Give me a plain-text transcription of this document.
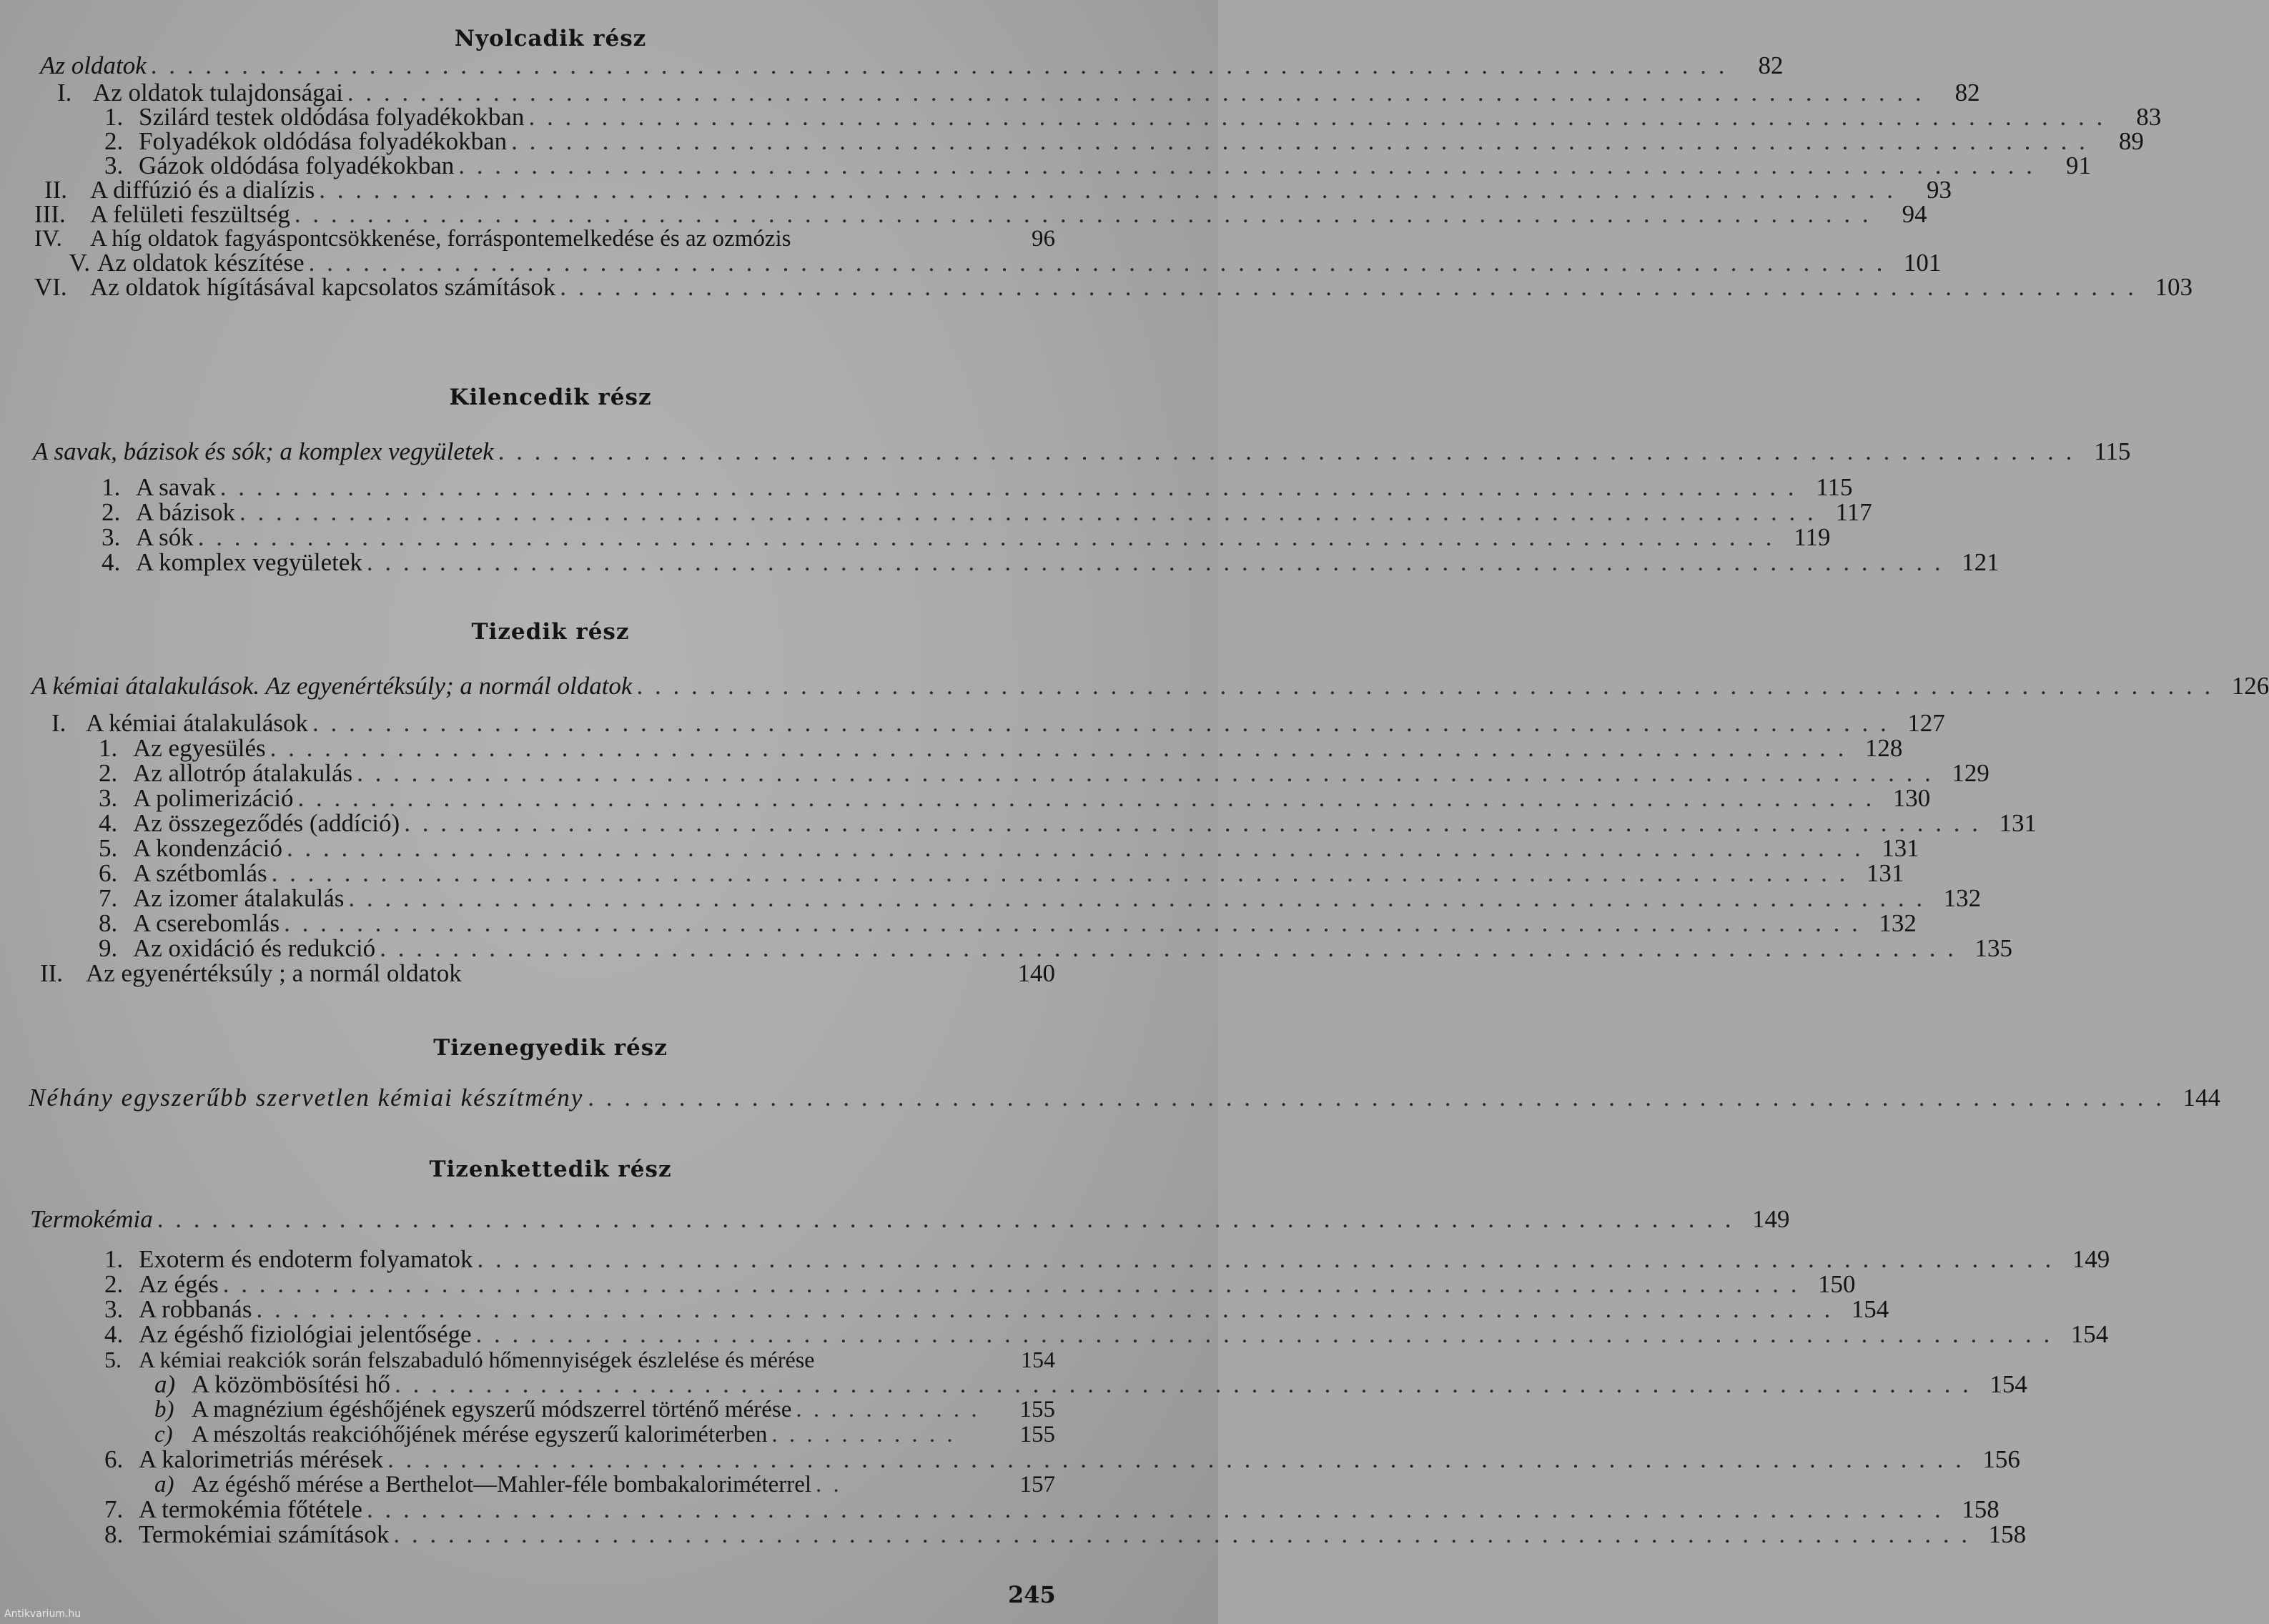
Nyolcadik rész
Az oldatok . . . . . . . . . . . . . . . . . . . . . . . . . . . . . . . . . . . . . . . . . . . . . . . . . . . . . . . . . . . . . . . . . . . . . . . . . . . . . . . . . . . . . . .	82
I. Az oldatok tulajdonságai . . . . . . . . . . . . . . . . . . . . . . . . . . . . . . . . . . . . . . . . . . . . . . . . . . . . . . . . . . . . . . . . . . . . . . . . . . . . . . . . . . . . . . .	82
1. Szilárd testek oldódása folyadékokban . . . . . . . . . . . . . . . . . . . . . . . . . . . . . . . . . . . . . . . . . . . . . . . . . . . . . . . . . . . . . . . . . . . . . . . . . . . . . . . . . . . . . . .	83
2. Folyadékok oldódása folyadékokban . . . . . . . . . . . . . . . . . . . . . . . . . . . . . . . . . . . . . . . . . . . . . . . . . . . . . . . . . . . . . . . . . . . . . . . . . . . . . . . . . . . . . . .	89
3. Gázok oldódása folyadékokban . . . . . . . . . . . . . . . . . . . . . . . . . . . . . . . . . . . . . . . . . . . . . . . . . . . . . . . . . . . . . . . . . . . . . . . . . . . . . . . . . . . . . . .	91
II. A diffúzió és a dialízis . . . . . . . . . . . . . . . . . . . . . . . . . . . . . . . . . . . . . . . . . . . . . . . . . . . . . . . . . . . . . . . . . . . . . . . . . . . . . . . . . . . . . . .	93
III. A felületi feszültség . . . . . . . . . . . . . . . . . . . . . . . . . . . . . . . . . . . . . . . . . . . . . . . . . . . . . . . . . . . . . . . . . . . . . . . . . . . . . . . . . . . . . . .	94
IV.	A híg oldatok fagyáspontcsökkenése, forráspontemelkedése és az ozmózis	96
V. Az oldatok készítése . . . . . . . . . . . . . . . . . . . . . . . . . . . . . . . . . . . . . . . . . . . . . . . . . . . . . . . . . . . . . . . . . . . . . . . . . . . . . . . . . . . . . . . 101
VI. Az oldatok hígításával kapcsolatos számítások . . . . . . . . . . . . . . . . . . . . . . . . . . . . . . . . . . . . . . . . . . . . . . . . . . . . . . . . . . . . . . . . . . . . . . . . . . . . . . . . . . . . . . . 103
Kilencedik rész
A savak, bázisok és sók; a komplex vegyületek . . . . . . . . . . . . . . . . . . . . . . . . . . . . . . . . . . . . . . . . . . . . . . . . . . . . . . . . . . . . . . . . . . . . . . . . . . . . . . . . . . . . . . . 115
1. A savak . . . . . . . . . . . . . . . . . . . . . . . . . . . . . . . . . . . . . . . . . . . . . . . . . . . . . . . . . . . . . . . . . . . . . . . . . . . . . . . . . . . . . . . 115
2. A bázisok . . . . . . . . . . . . . . . . . . . . . . . . . . . . . . . . . . . . . . . . . . . . . . . . . . . . . . . . . . . . . . . . . . . . . . . . . . . . . . . . . . . . . . . 117
3. A sók . . . . . . . . . . . . . . . . . . . . . . . . . . . . . . . . . . . . . . . . . . . . . . . . . . . . . . . . . . . . . . . . . . . . . . . . . . . . . . . . . . . . . . . 119
4. A komplex vegyületek . . . . . . . . . . . . . . . . . . . . . . . . . . . . . . . . . . . . . . . . . . . . . . . . . . . . . . . . . . . . . . . . . . . . . . . . . . . . . . . . . . . . . . . 121
Tizedik rész
A kémiai átalakulások. Az egyenértéksúly; a normál oldatok . . . . . . . . . . . . . . . . . . . . . . . . . . . . . . . . . . . . . . . . . . . . . . . . . . . . . . . . . . . . . . . . . . . . . . . . . . . . . . . . . . . . . . . 126
I. A kémiai átalakulások . . . . . . . . . . . . . . . . . . . . . . . . . . . . . . . . . . . . . . . . . . . . . . . . . . . . . . . . . . . . . . . . . . . . . . . . . . . . . . . . . . . . . . . 127
1. Az egyesülés . . . . . . . . . . . . . . . . . . . . . . . . . . . . . . . . . . . . . . . . . . . . . . . . . . . . . . . . . . . . . . . . . . . . . . . . . . . . . . . . . . . . . . . 128
2. Az allotróp átalakulás . . . . . . . . . . . . . . . . . . . . . . . . . . . . . . . . . . . . . . . . . . . . . . . . . . . . . . . . . . . . . . . . . . . . . . . . . . . . . . . . . . . . . . . 129
3. A polimerizáció . . . . . . . . . . . . . . . . . . . . . . . . . . . . . . . . . . . . . . . . . . . . . . . . . . . . . . . . . . . . . . . . . . . . . . . . . . . . . . . . . . . . . . . 130
4. Az összegeződés (addíció) . . . . . . . . . . . . . . . . . . . . . . . . . . . . . . . . . . . . . . . . . . . . . . . . . . . . . . . . . . . . . . . . . . . . . . . . . . . . . . . . . . . . . . . 131
5. A kondenzáció . . . . . . . . . . . . . . . . . . . . . . . . . . . . . . . . . . . . . . . . . . . . . . . . . . . . . . . . . . . . . . . . . . . . . . . . . . . . . . . . . . . . . . . 131
6. A szétbomlás . . . . . . . . . . . . . . . . . . . . . . . . . . . . . . . . . . . . . . . . . . . . . . . . . . . . . . . . . . . . . . . . . . . . . . . . . . . . . . . . . . . . . . . 131
7. Az izomer átalakulás . . . . . . . . . . . . . . . . . . . . . . . . . . . . . . . . . . . . . . . . . . . . . . . . . . . . . . . . . . . . . . . . . . . . . . . . . . . . . . . . . . . . . . . 132
8. A cserebomlás . . . . . . . . . . . . . . . . . . . . . . . . . . . . . . . . . . . . . . . . . . . . . . . . . . . . . . . . . . . . . . . . . . . . . . . . . . . . . . . . . . . . . . . 132
9. Az oxidáció és redukció . . . . . . . . . . . . . . . . . . . . . . . . . . . . . . . . . . . . . . . . . . . . . . . . . . . . . . . . . . . . . . . . . . . . . . . . . . . . . . . . . . . . . . . 135
II. Az egyenértéksúly ; a normál oldatok	140
Tizenegyedik rész
Néhány egyszerűbb szervetlen kémiai készítmény . . . . . . . . . . . . . . . . . . . . . . . . . . . . . . . . . . . . . . . . . . . . . . . . . . . . . . . . . . . . . . . . . . . . . . . . . . . . . . . . . . . . . . . 144
Tizenkettedik rész
Termokémia . . . . . . . . . . . . . . . . . . . . . . . . . . . . . . . . . . . . . . . . . . . . . . . . . . . . . . . . . . . . . . . . . . . . . . . . . . . . . . . . . . . . . . . 149
1. Exoterm és endoterm folyamatok . . . . . . . . . . . . . . . . . . . . . . . . . . . . . . . . . . . . . . . . . . . . . . . . . . . . . . . . . . . . . . . . . . . . . . . . . . . . . . . . . . . . . . . 149
2. Az égés . . . . . . . . . . . . . . . . . . . . . . . . . . . . . . . . . . . . . . . . . . . . . . . . . . . . . . . . . . . . . . . . . . . . . . . . . . . . . . . . . . . . . . . 150
3. A robbanás . . . . . . . . . . . . . . . . . . . . . . . . . . . . . . . . . . . . . . . . . . . . . . . . . . . . . . . . . . . . . . . . . . . . . . . . . . . . . . . . . . . . . . . 154
4. Az égéshő fiziológiai jelentősége . . . . . . . . . . . . . . . . . . . . . . . . . . . . . . . . . . . . . . . . . . . . . . . . . . . . . . . . . . . . . . . . . . . . . . . . . . . . . . . . . . . . . . . 154
5. A kémiai reakciók során felszabaduló hőmennyiségek észlelése és mérése	154
a) A közömbösítési hő . . . . . . . . . . . . . . . . . . . . . . . . . . . . . . . . . . . . . . . . . . . . . . . . . . . . . . . . . . . . . . . . . . . . . . . . . . . . . . . . . . . . . . . 154
b) A magnézium égéshőjének egyszerű módszerrel történő mérése . . . . . . . . . . .	155
c) A mészoltás reakcióhőjének mérése egyszerű kaloriméterben . . . . . . . . . . .	155
6. A kalorimetriás mérések . . . . . . . . . . . . . . . . . . . . . . . . . . . . . . . . . . . . . . . . . . . . . . . . . . . . . . . . . . . . . . . . . . . . . . . . . . . . . . . . . . . . . . . 156
a) Az égéshő mérése a Berthelot—Mahler-féle bombakaloriméterrel . .	157
7. A termokémia főtétele . . . . . . . . . . . . . . . . . . . . . . . . . . . . . . . . . . . . . . . . . . . . . . . . . . . . . . . . . . . . . . . . . . . . . . . . . . . . . . . . . . . . . . . 158
8. Termokémiai számítások . . . . . . . . . . . . . . . . . . . . . . . . . . . . . . . . . . . . . . . . . . . . . . . . . . . . . . . . . . . . . . . . . . . . . . . . . . . . . . . . . . . . . . . 158
245
Antikvarium.hu
